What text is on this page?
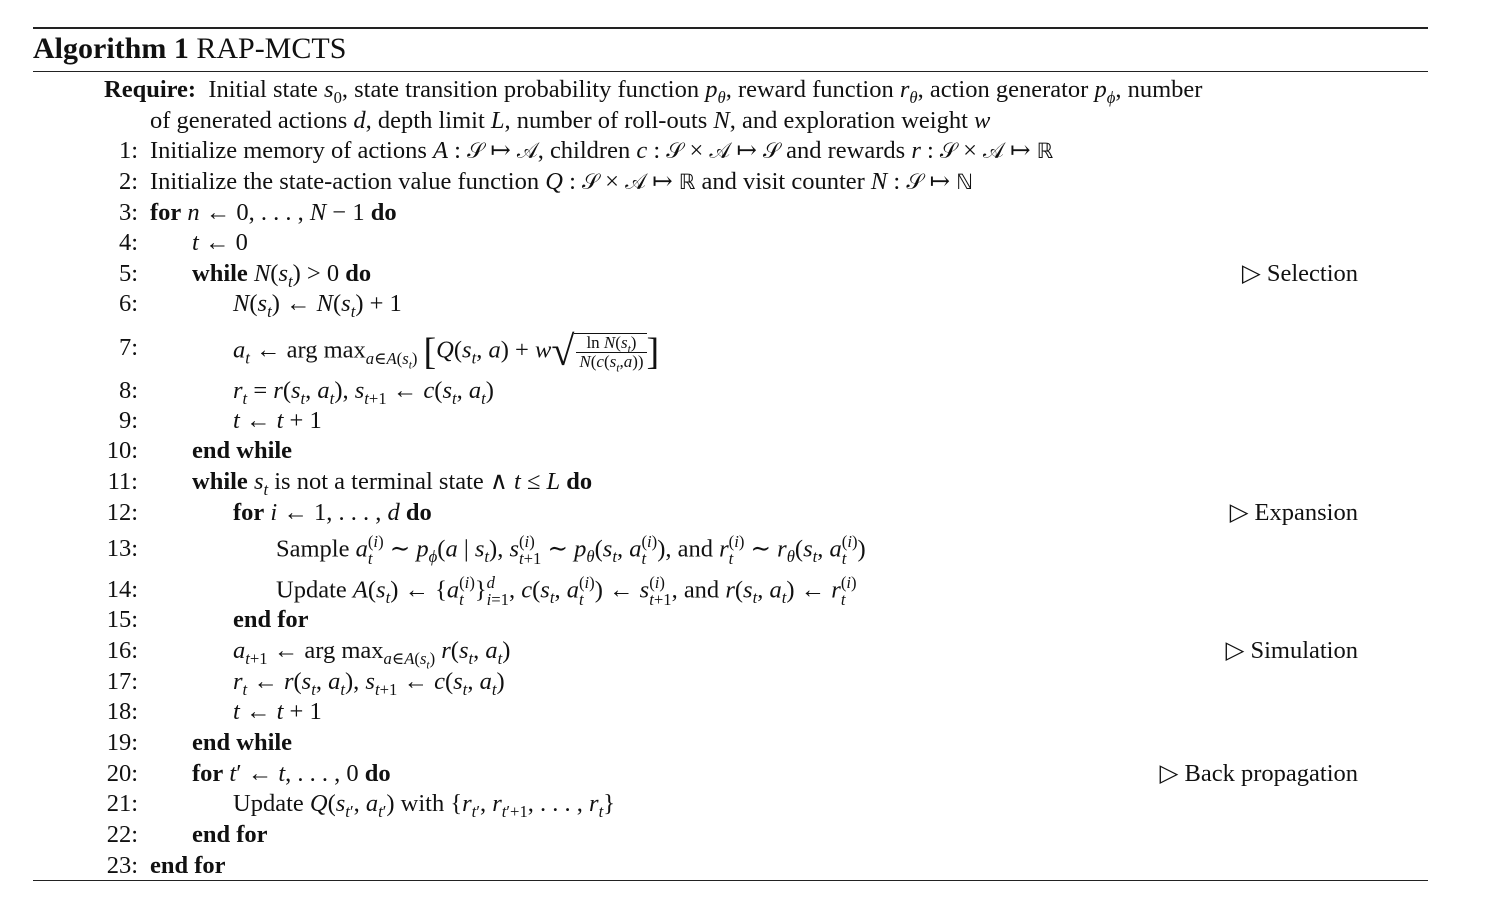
Algorithm 1 RAP-MCTS
Require:  Initial state $s_0$, state transition probability function $p_\theta$, reward function $r_\theta$, action generator $p_\phi$, number
of generated actions d, depth limit L, number of roll-outs N, and exploration weight w
1: Initialize memory of actions A : 𝒮 ↦ 𝒜, children c : 𝒮 × 𝒜 ↦ 𝒮 and rewards r : 𝒮 × 𝒜 ↦ ℝ
2: Initialize the state-action value function Q : 𝒮 × 𝒜 ↦ ℝ and visit counter N : 𝒮 ↦ ℕ
3: for n ← 0, . . . , N − 1 do
4: t ← 0
5: while $N(s_t) > 0$ do	▷ Selection
6:	$N(s_t)$ ← $N(s_t) + 1$
7:	$a_t$ ← arg $\max_{a\in A(s_t)} [Q(s_t$, $a) + w√ \frac{\ln N(s_t)}{N(c(s_t,a))}$ ]
8:	$r_t = r(s_t$, $a_t$), $s_{t+1}$ ← $c(s_t$, $a_t$)
9:	t ← t + 1
10: end while
11: while $s_t$ is not a terminal state ∧ t ≤ L do
12:	for i ← 1, . . . , d do	▷ Expansion
13:	Sample a (i)
t ∼ $p_\phi(a$ | $s_t$), s (i)
t+1 ∼ $p_\theta(s_t$, a (i)
t ), and r (i)
t ∼ $r_\theta(s_t$, a (i)
t )
14:	Update $A(s_t)$ ← {a (i)
t } d
i=1 , $c(s_t$, a (i)
t ) ← s (i)
t+1 , and $r(s_t$, $a_t$) ← r (i)
t
15:	end for
16:	$a_{t+1}$ ← arg $\max_{a\in A(s_t)} r(s_t$, $a_t$)	▷ Simulation
17:	$r_t$ ← $r(s_t$, $a_t$), $s_{t+1}$ ← $c(s_t$, $a_t$)
18:	t ← t + 1
19: end while
20: for t′ ← t, . . . , 0 do	▷ Back propagation
21:	Update $Q(s_{t'}$, $a_{t'}$) with {$r_{t'}$, $r_{t'+1}$, . . . , $r_t$}
22: end for
23: end for
